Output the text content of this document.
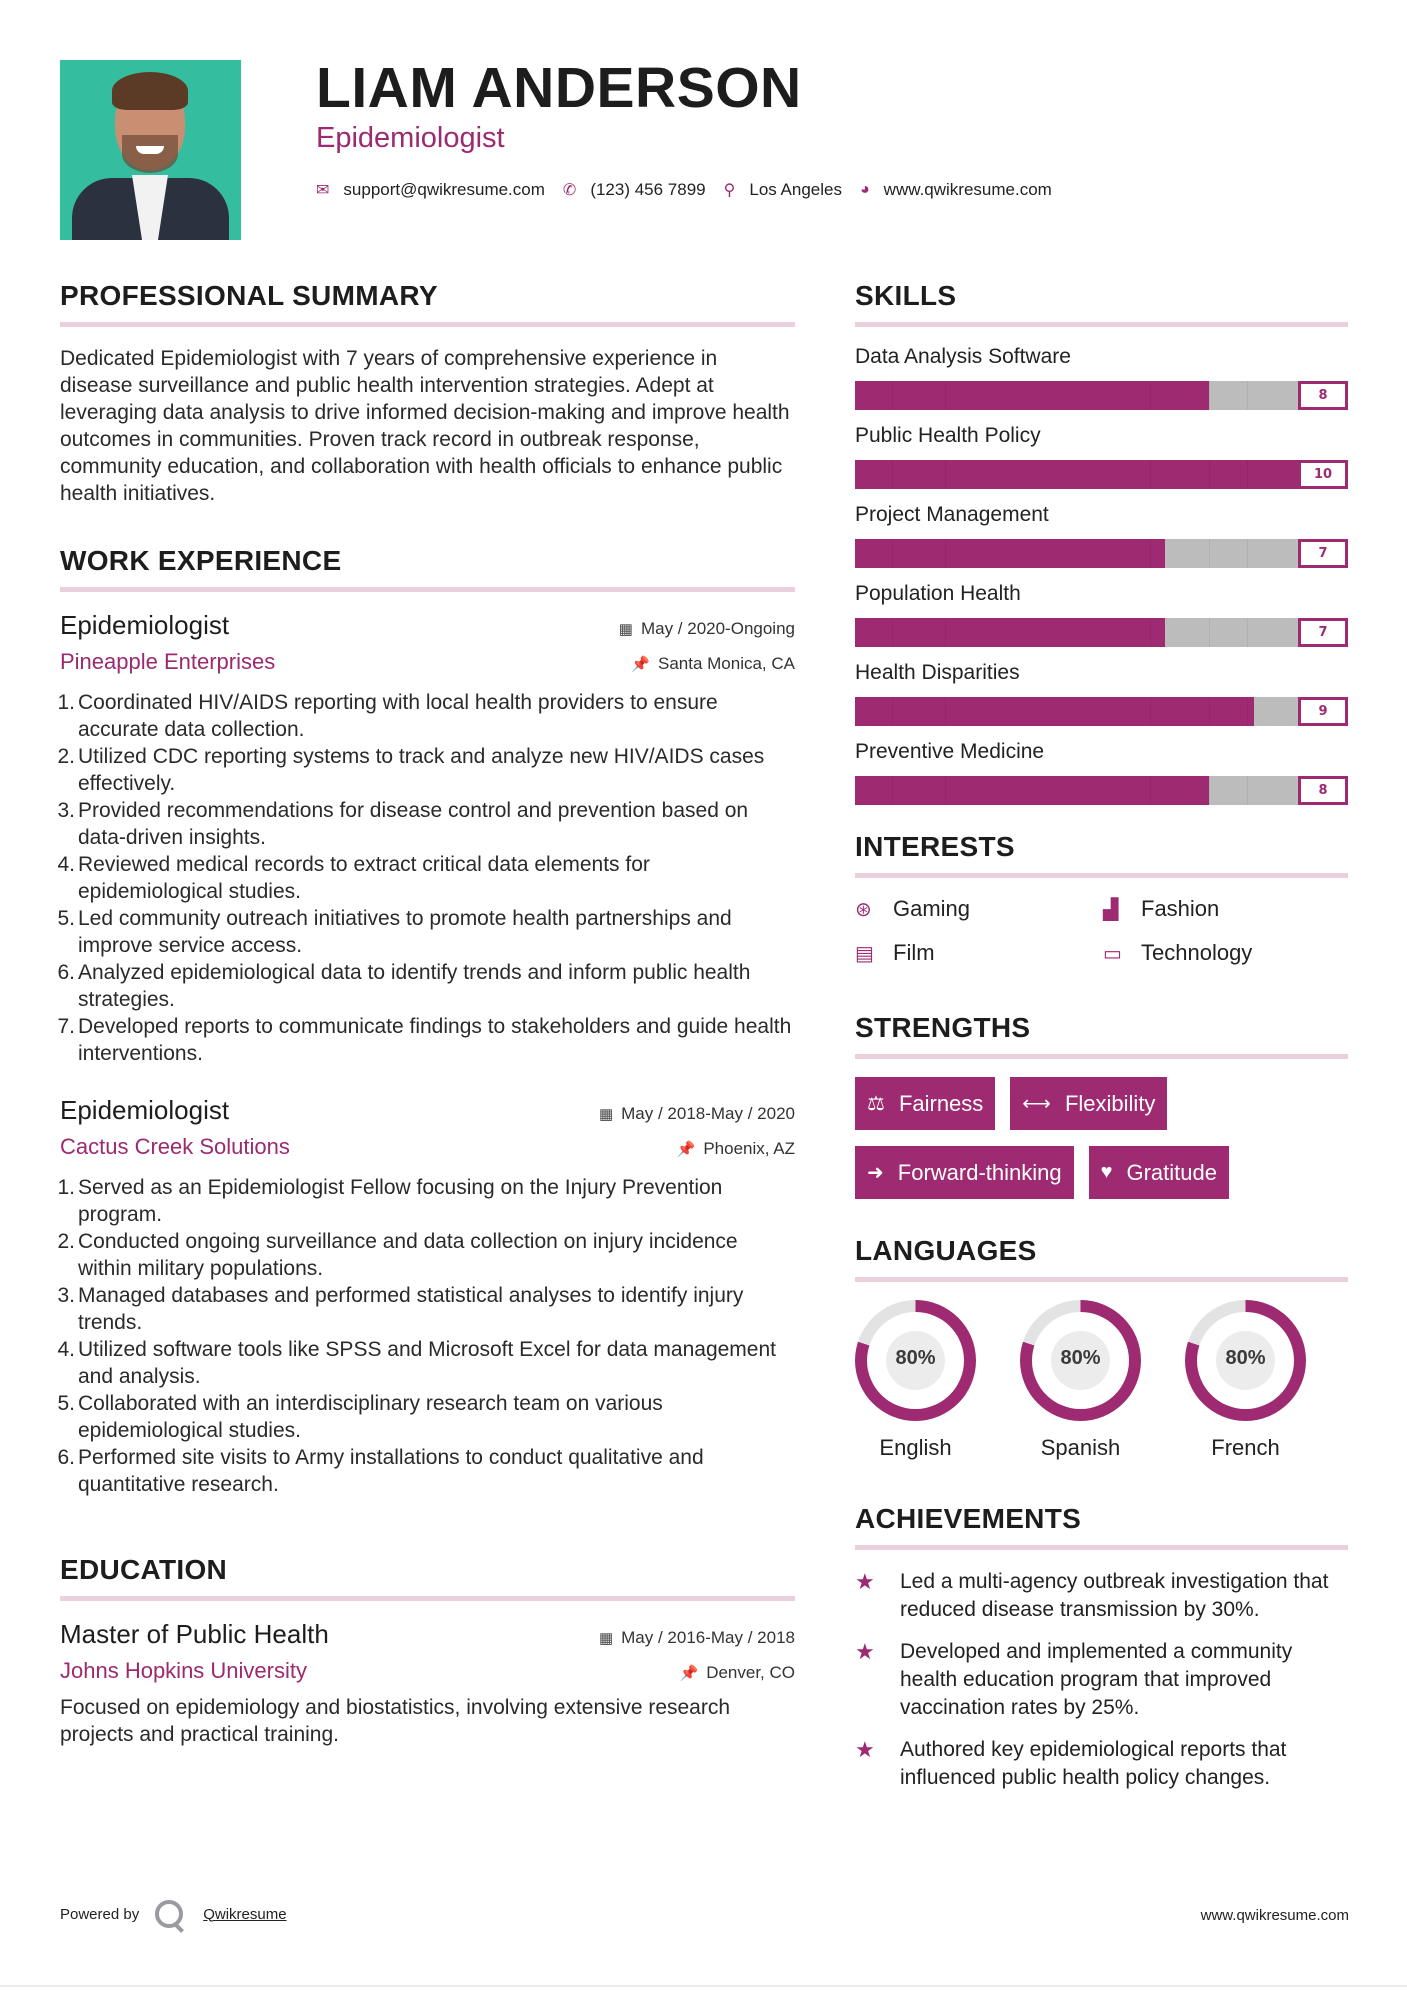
LIAM ANDERSON
Epidemiologist
✉ support@qwikresume.com ✆ (123) 456 7899 ⚲ Los Angeles ◕ www.qwikresume.com
PROFESSIONAL SUMMARY

Dedicated Epidemiologist with 7 years of comprehensive experience in disease surveillance and public health intervention strategies. Adept at leveraging data analysis to drive informed decision-making and improve health outcomes in communities. Proven track record in outbreak response, community education, and collaboration with health officials to enhance public health initiatives.

WORK EXPERIENCE
Epidemiologist	▦ May / 2020-Ongoing
Pineapple Enterprises	📌 Santa Monica, CA
Coordinated HIV/AIDS reporting with local health providers to ensure accurate data collection.
Utilized CDC reporting systems to track and analyze new HIV/AIDS cases effectively.
Provided recommendations for disease control and prevention based on data-driven insights.
Reviewed medical records to extract critical data elements for epidemiological studies.
Led community outreach initiatives to promote health partnerships and improve service access.
Analyzed epidemiological data to identify trends and inform public health strategies.
Developed reports to communicate findings to stakeholders and guide health interventions.
Epidemiologist	▦ May / 2018-May / 2020
Cactus Creek Solutions	📌 Phoenix, AZ
Served as an Epidemiologist Fellow focusing on the Injury Prevention program.
Conducted ongoing surveillance and data collection on injury incidence within military populations.
Managed databases and performed statistical analyses to identify injury trends.
Utilized software tools like SPSS and Microsoft Excel for data management and analysis.
Collaborated with an interdisciplinary research team on various epidemiological studies.
Performed site visits to Army installations to conduct qualitative and quantitative research.
EDUCATION
Master of Public Health	▦ May / 2016-May / 2018
Johns Hopkins University	📌 Denver, CO

Focused on epidemiology and biostatistics, involving extensive research projects and practical training.

SKILLS
Data Analysis Software
8
Public Health Policy
10
Project Management
7
Population Health
7
Health Disparities
9
Preventive Medicine
8
INTERESTS
⊛ Gaming	▟	Fashion
▤ Film	▭ Technology
STRENGTHS
⚖ Fairness ⟷ Flexibility
➜ Forward-thinking ♥ Gratitude
LANGUAGES
80%
English
80%
Spanish
80%
French
ACHIEVEMENTS
★	Led a multi-agency outbreak investigation that reduced disease transmission by 30%.
★	Developed and implemented a community health education program that improved vaccination rates by 25%.
★	Authored key epidemiological reports that influenced public health policy changes.
Powered by	Qwikresume	www.qwikresume.com
